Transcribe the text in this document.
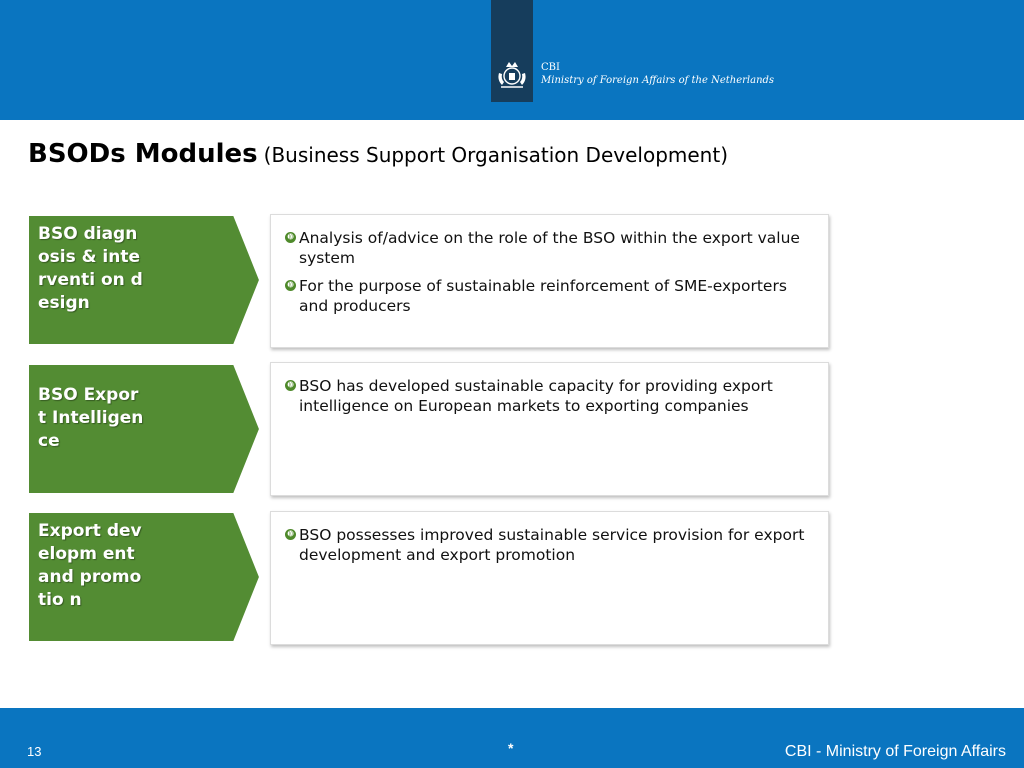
CBI
Ministry of Foreign Affairs of the Netherlands
BSODs Modules (Business Support Organisation Development)
BSO diagnosis & interventi on design
➓ Analysis of/advice on the role of the BSO within the export value system
➓ For the purpose of sustainable reinforcement of SME-exporters and producers
BSO Export Intelligen ce
➓ BSO has developed sustainable capacity for providing export intelligence on European markets to exporting companies
Export developm ent and promotio n
➓ BSO possesses improved sustainable service provision for export development and export promotion
13	*	CBI - Ministry of Foreign Affairs
